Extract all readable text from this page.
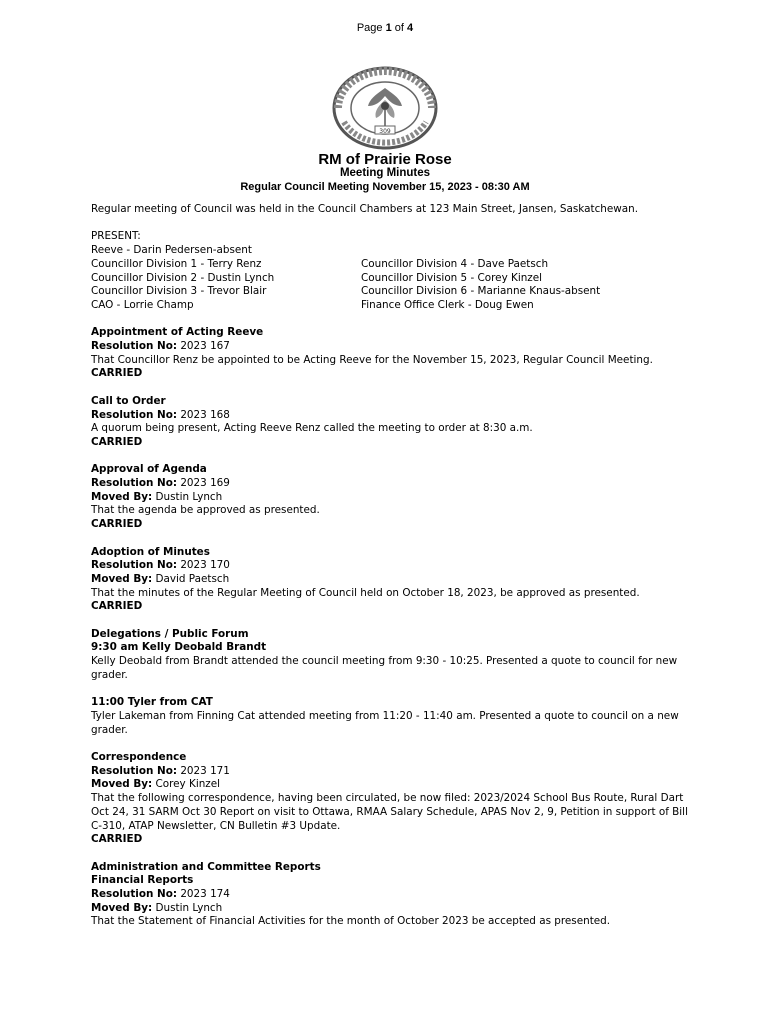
Page 1 of 4
309
RM of Prairie Rose
Meeting Minutes
Regular Council Meeting November 15, 2023 - 08:30 AM

Regular meeting of Council was held in the Council Chambers at 123 Main Street, Jansen, Saskatchewan.

PRESENT:

Reeve - Darin Pedersen-absent

Councillor Division 1 - Terry Renz	Councillor Division 4 - Dave Paetsch

Councillor Division 2 - Dustin Lynch	Councillor Division 5 - Corey Kinzel

Councillor Division 3 - Trevor Blair	Councillor Division 6 - Marianne Knaus-absent

CAO - Lorrie Champ	Finance Office Clerk - Doug Ewen

Appointment of Acting Reeve

Resolution No: 2023 167

That Councillor Renz be appointed to be Acting Reeve for the November 15, 2023, Regular Council Meeting.

CARRIED

Call to Order

Resolution No: 2023 168

A quorum being present, Acting Reeve Renz called the meeting to order at 8:30 a.m.

CARRIED

Approval of Agenda

Resolution No: 2023 169

Moved By: Dustin Lynch

That the agenda be approved as presented.

CARRIED

Adoption of Minutes

Resolution No: 2023 170

Moved By: David Paetsch

That the minutes of the Regular Meeting of Council held on October 18, 2023, be approved as presented.

CARRIED

Delegations / Public Forum

9:30 am Kelly Deobald Brandt

Kelly Deobald from Brandt attended the council meeting from 9:30 - 10:25. Presented a quote to council for new grader.

11:00 Tyler from CAT

Tyler Lakeman from Finning Cat attended meeting from 11:20 - 11:40 am. Presented a quote to council on a new grader.

Correspondence

Resolution No: 2023 171

Moved By: Corey Kinzel

That the following correspondence, having been circulated, be now filed: 2023/2024 School Bus Route, Rural Dart Oct 24, 31 SARM Oct 30 Report on visit to Ottawa, RMAA Salary Schedule, APAS Nov 2, 9, Petition in support of Bill C-310, ATAP Newsletter, CN Bulletin #3 Update.

CARRIED

Administration and Committee Reports

Financial Reports

Resolution No: 2023 174

Moved By: Dustin Lynch

That the Statement of Financial Activities for the month of October 2023 be accepted as presented.
